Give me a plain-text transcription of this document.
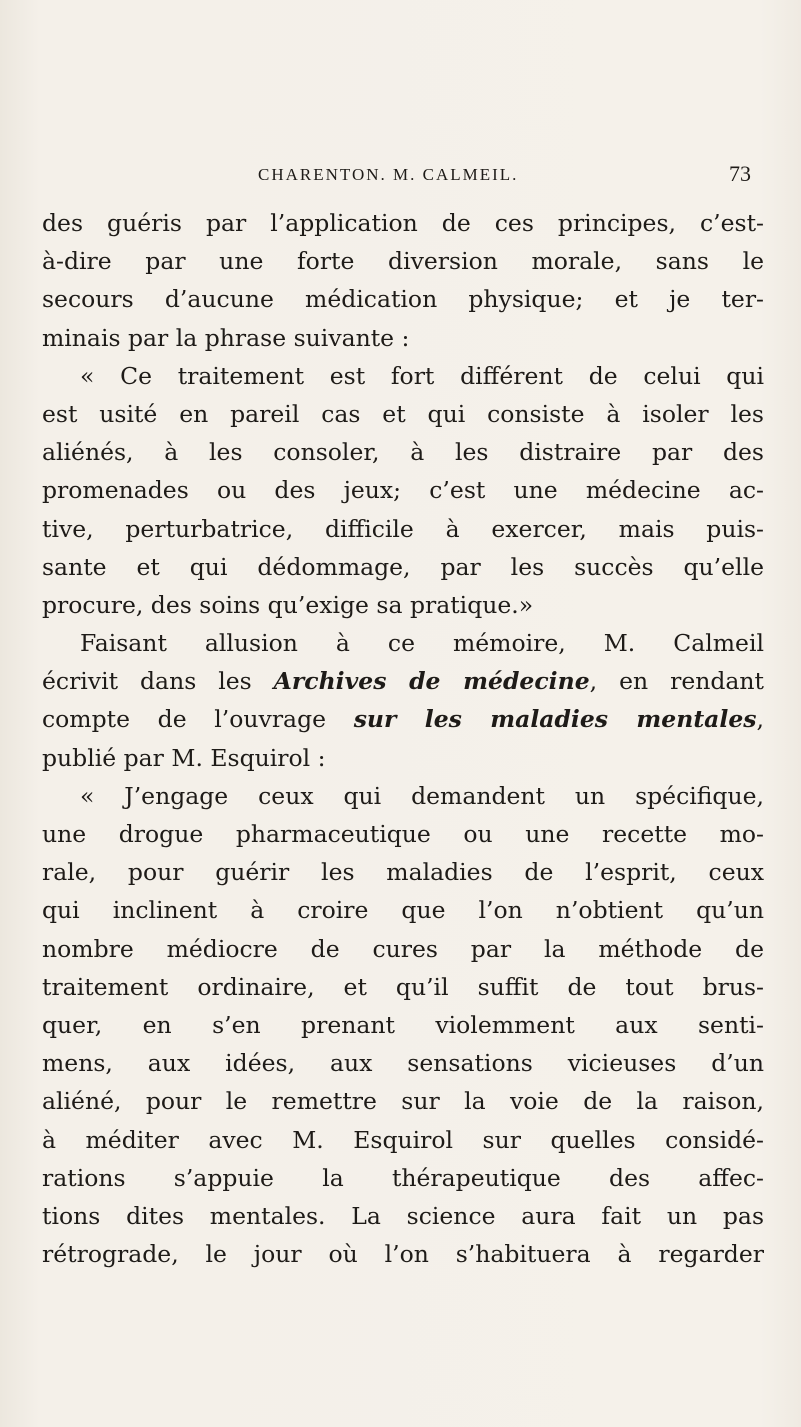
CHARENTON. M. CALMEIL.	73
des guéris par l’application de ces principes, c’est-
à-dire par une forte diversion morale, sans le
secours d’aucune médication physique; et je ter-
minais par la phrase suivante :
« Ce traitement est fort différent de celui qui
est usité en pareil cas et qui consiste à isoler les
aliénés, à les consoler, à les distraire par des
promenades ou des jeux; c’est une médecine ac-
tive, perturbatrice, difficile à exercer, mais puis-
sante et qui dédommage, par les succès qu’elle
procure, des soins qu’exige sa pratique.»
Faisant allusion à ce mémoire, M. Calmeil
écrivit dans les Archives de médecine, en rendant
compte de l’ouvrage sur les maladies mentales,
publié par M. Esquirol :
« J’engage ceux qui demandent un spécifique,
une drogue pharmaceutique ou une recette mo-
rale, pour guérir les maladies de l’esprit, ceux
qui inclinent à croire que l’on n’obtient qu’un
nombre médiocre de cures par la méthode de
traitement ordinaire, et qu’il suffit de tout brus-
quer, en s’en prenant violemment aux senti-
mens, aux idées, aux sensations vicieuses d’un
aliéné, pour le remettre sur la voie de la raison,
à méditer avec M. Esquirol sur quelles considé-
rations s’appuie la thérapeutique des affec-
tions dites mentales. La science aura fait un pas
rétrograde, le jour où l’on s’habituera à regarder
